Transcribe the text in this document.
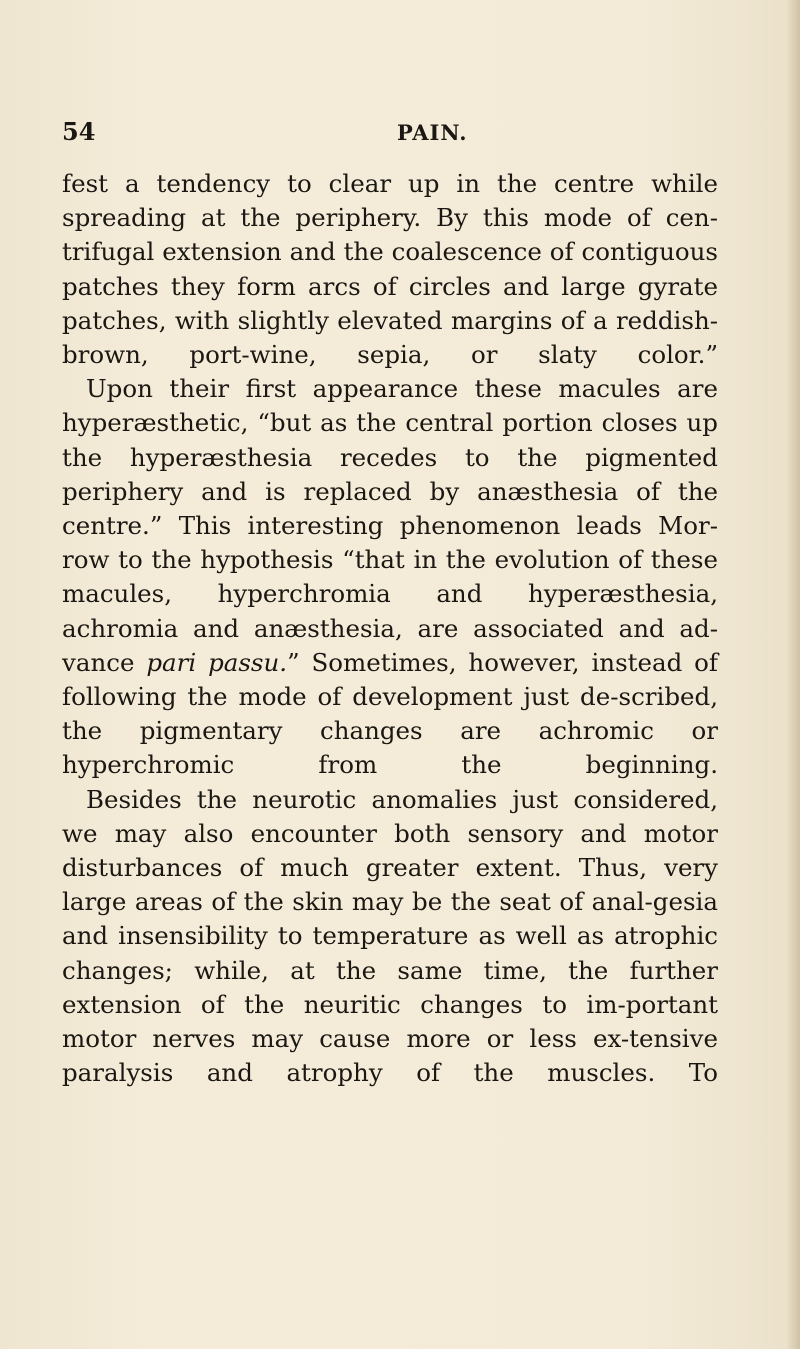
54	PAIN.

fest a tendency to clear up in the centre while spreading at the periphery. By this mode of cen-trifugal extension and the coalescence of contiguous patches they form arcs of circles and large gyrate patches, with slightly elevated margins of a reddish-brown, port-wine, sepia, or slaty color.”

Upon their first appearance these macules are hyperæsthetic, “but as the central portion closes up the hyperæsthesia recedes to the pigmented periphery and is replaced by anæsthesia of the centre.” This interesting phenomenon leads Mor-row to the hypothesis “that in the evolution of these macules, hyperchromia and hyperæsthesia, achromia and anæsthesia, are associated and ad-vance pari passu.” Sometimes, however, instead of following the mode of development just de-scribed, the pigmentary changes are achromic or hyperchromic from the beginning.

Besides the neurotic anomalies just considered, we may also encounter both sensory and motor disturbances of much greater extent. Thus, very large areas of the skin may be the seat of anal-gesia and insensibility to temperature as well as atrophic changes; while, at the same time, the further extension of the neuritic changes to im-portant motor nerves may cause more or less ex-tensive paralysis and atrophy of the muscles. To
